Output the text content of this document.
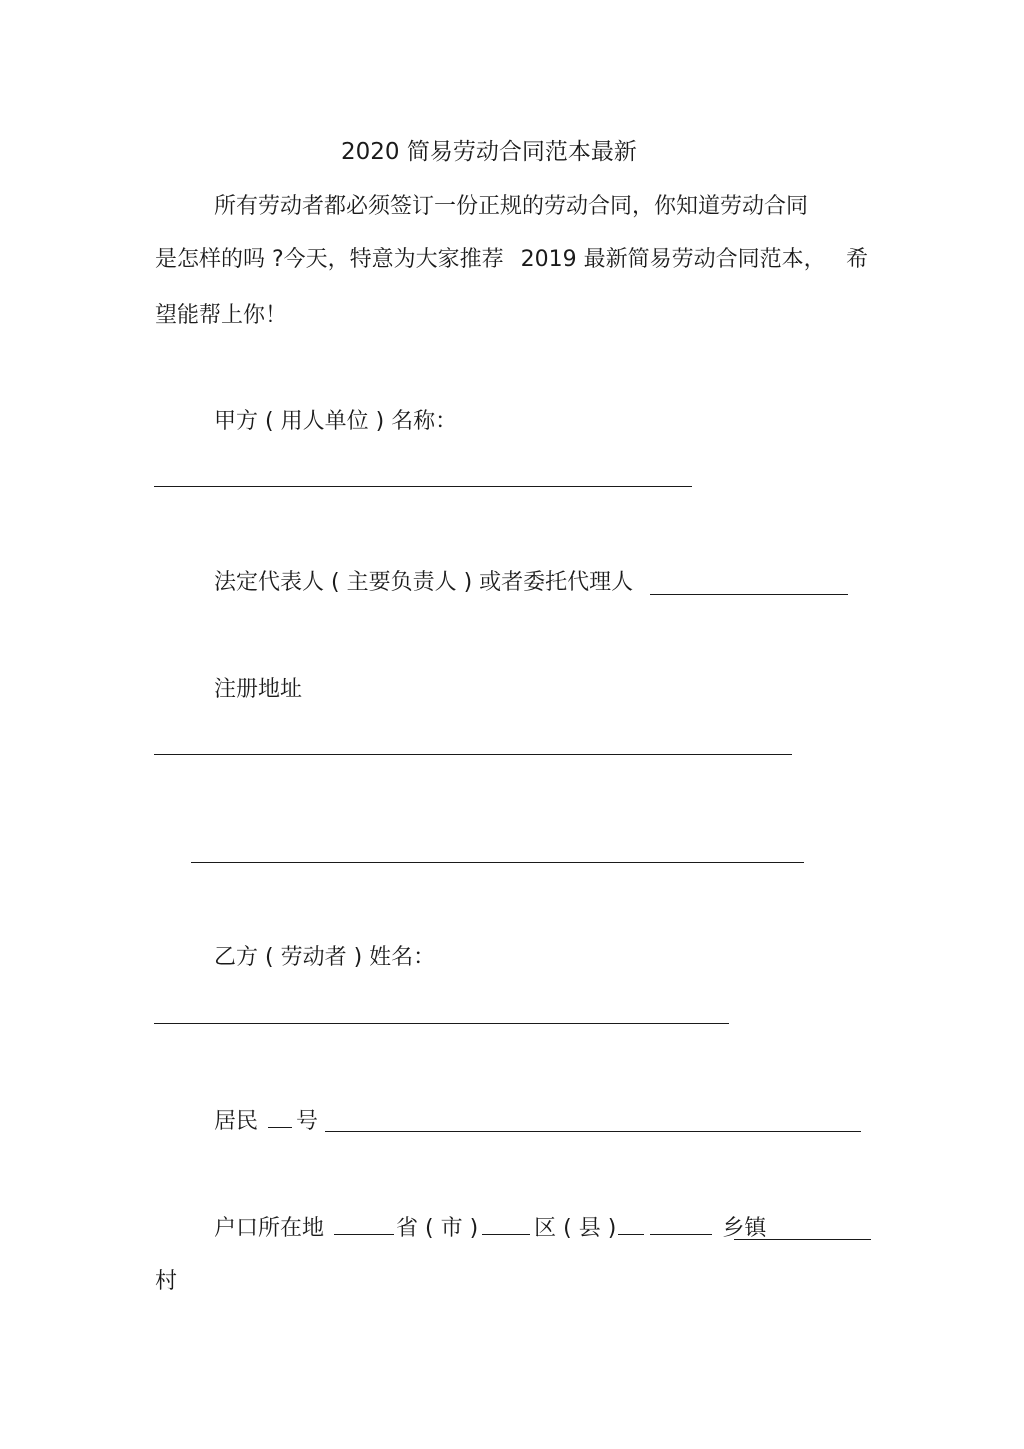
2020 简易劳动合同范本最新
所有劳动者都必须签订一份正规的劳动合同，你知道劳动合同
是怎样的吗 ?今天，特意为大家推荐 2019 最新简易劳动合同范本， 希
望能帮上你！
甲方 ( 用人单位 ) 名称：
法定代表人 ( 主要负责人 ) 或者委托代理人
注册地址
乙方 ( 劳动者 ) 姓名：
居民 号
户口所在地	省 ( 市 )	区 ( 县 )	乡镇
村
